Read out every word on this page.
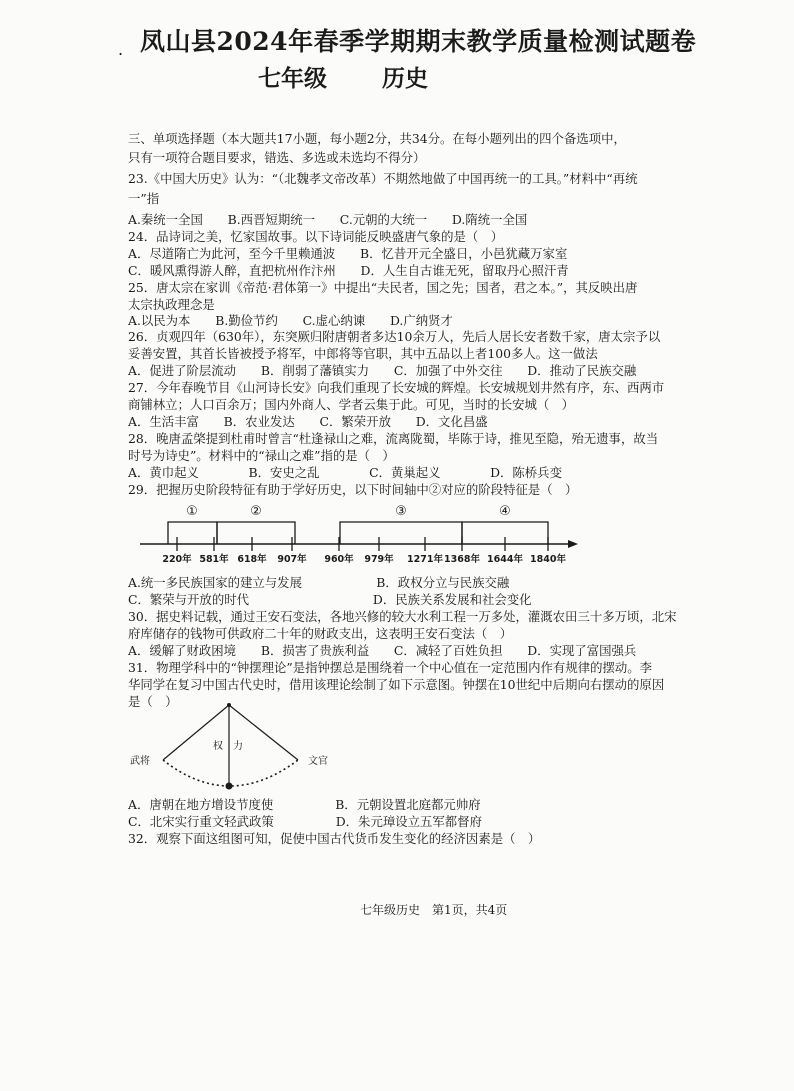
. 凤山县2024年春季学期期末教学质量检测试题卷
七年级 历史
三、单项选择题（本大题共17小题，每小题2分，共34分。在每小题列出的四个备选项中，
只有一项符合题目要求，错选、多选或未选均不得分）
23.《中国大历史》认为：“（北魏孝文帝改革）不期然地做了中国再统一的工具。”材料中“再统
一”指
A.秦统一全国　　B.西晋短期统一　　C.元朝的大统一　　D.隋统一全国
24．品诗词之美，忆家国故事。以下诗词能反映盛唐气象的是（　）
A．尽道隋亡为此河，至今千里赖通波　　B．忆昔开元全盛日，小邑犹藏万家室
C．暖风熏得游人醉，直把杭州作汴州　　D．人生自古谁无死，留取丹心照汗青
25．唐太宗在家训《帝范·君体第一》中提出“夫民者，国之先；国者，君之本。”，其反映出唐
太宗执政理念是
A.以民为本　　B.勤俭节约　　C.虚心纳谏　　D.广纳贤才
26．贞观四年（630年），东突厥归附唐朝者多达10余万人，先后人居长安者数千家，唐太宗予以
妥善安置，其首长皆被授予将军，中郎将等官职，其中五品以上者100多人。这一做法
A．促进了阶层流动　　B．削弱了藩镇实力　　C．加强了中外交往　　D．推动了民族交融
27．今年春晚节目《山河诗长安》向我们重现了长安城的辉煌。长安城规划井然有序，东、西两市
商铺林立；人口百余万；国内外商人、学者云集于此。可见，当时的长安城（　）
A．生活丰富　　B．农业发达　　C．繁荣开放　　D．文化昌盛
28．晚唐孟棨提到杜甫时曾言“杜逢禄山之难，流离陇蜀，毕陈于诗，推见至隐，殆无遗事，故当
时号为诗史”。材料中的“禄山之难”指的是（　）
A．黄巾起义　　　　B．安史之乱　　　　C．黄巢起义　　　　D．陈桥兵变
29．把握历史阶段特征有助于学好历史，以下时间轴中②对应的阶段特征是（　）
A.统一多民族国家的建立与发展　　　　　　B．政权分立与民族交融
C．繁荣与开放的时代　　　　　　　　　　D．民族关系发展和社会变化
30．据史料记载，通过王安石变法，各地兴修的较大水利工程一万多处，灌溉农田三十多万顷，北宋
府库储存的钱物可供政府二十年的财政支出，这表明王安石变法（　）
A．缓解了财政困境　　B．损害了贵族利益　　C．减轻了百姓负担　　D．实现了富国强兵
31．物理学科中的“钟摆理论”是指钟摆总是围绕着一个中心值在一定范围内作有规律的摆动。李
华同学在复习中国古代史时，借用该理论绘制了如下示意图。钟摆在10世纪中后期向右摆动的原因
是（　）
A．唐朝在地方增设节度使　　　　　B．元朝设置北庭都元帅府
C．北宋实行重文轻武政策　　　　　D．朱元璋设立五军都督府
32．观察下面这组图可知，促使中国古代货币发生变化的经济因素是（　）
220年 581年 618年 907年 960年 979年 1271年 1368年 1644年 1840年
①	②	③	④
武将	文官
权 力
七年级历史　第1页，共4页
